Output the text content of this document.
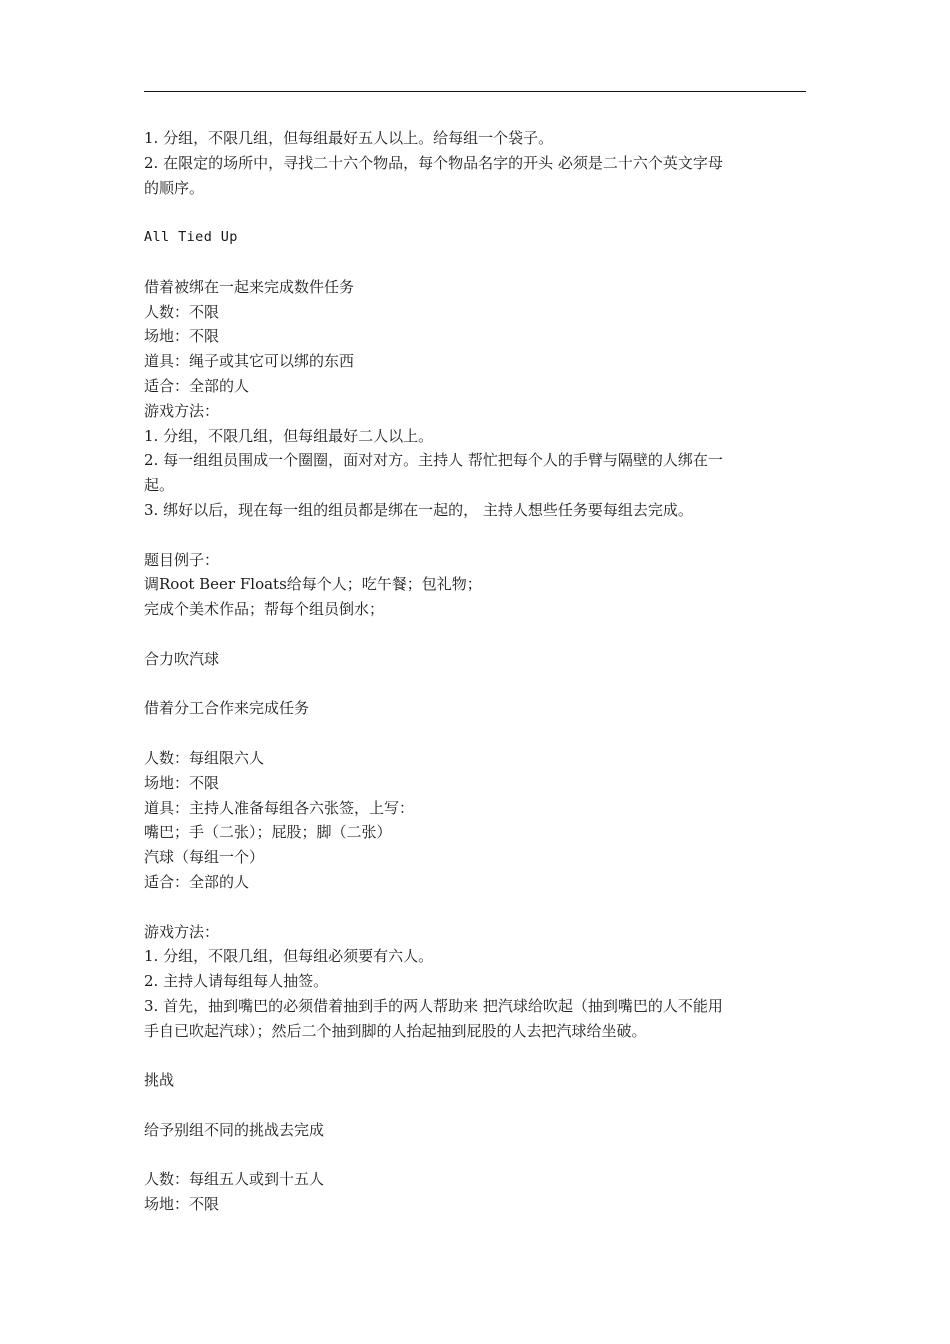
1. 分组，不限几组，但每组最好五人以上。给每组一个袋子。
2. 在限定的场所中，寻找二十六个物品，每个物品名字的开头 必须是二十六个英文字母
的顺序。
All Tied Up
借着被绑在一起来完成数件任务
人数：不限
场地：不限
道具：绳子或其它可以绑的东西
适合：全部的人
游戏方法：
1. 分组，不限几组，但每组最好二人以上。
2. 每一组组员围成一个圈圈，面对对方。主持人 帮忙把每个人的手臂与隔壁的人绑在一
起。
3. 绑好以后，现在每一组的组员都是绑在一起的， 主持人想些任务要每组去完成。
题目例子：
调Root Beer Floats给每个人；吃午餐；包礼物；
完成个美术作品；帮每个组员倒水；
合力吹汽球
借着分工合作来完成任务
人数：每组限六人
场地：不限
道具：主持人准备每组各六张签，上写：
嘴巴；手（二张）；屁股；脚（二张）
汽球（每组一个）
适合：全部的人
游戏方法：
1. 分组，不限几组，但每组必须要有六人。
2. 主持人请每组每人抽签。
3. 首先，抽到嘴巴的必须借着抽到手的两人帮助来 把汽球给吹起（抽到嘴巴的人不能用
手自已吹起汽球）；然后二个抽到脚的人抬起抽到屁股的人去把汽球给坐破。
挑战
给予别组不同的挑战去完成
人数：每组五人或到十五人
场地：不限
